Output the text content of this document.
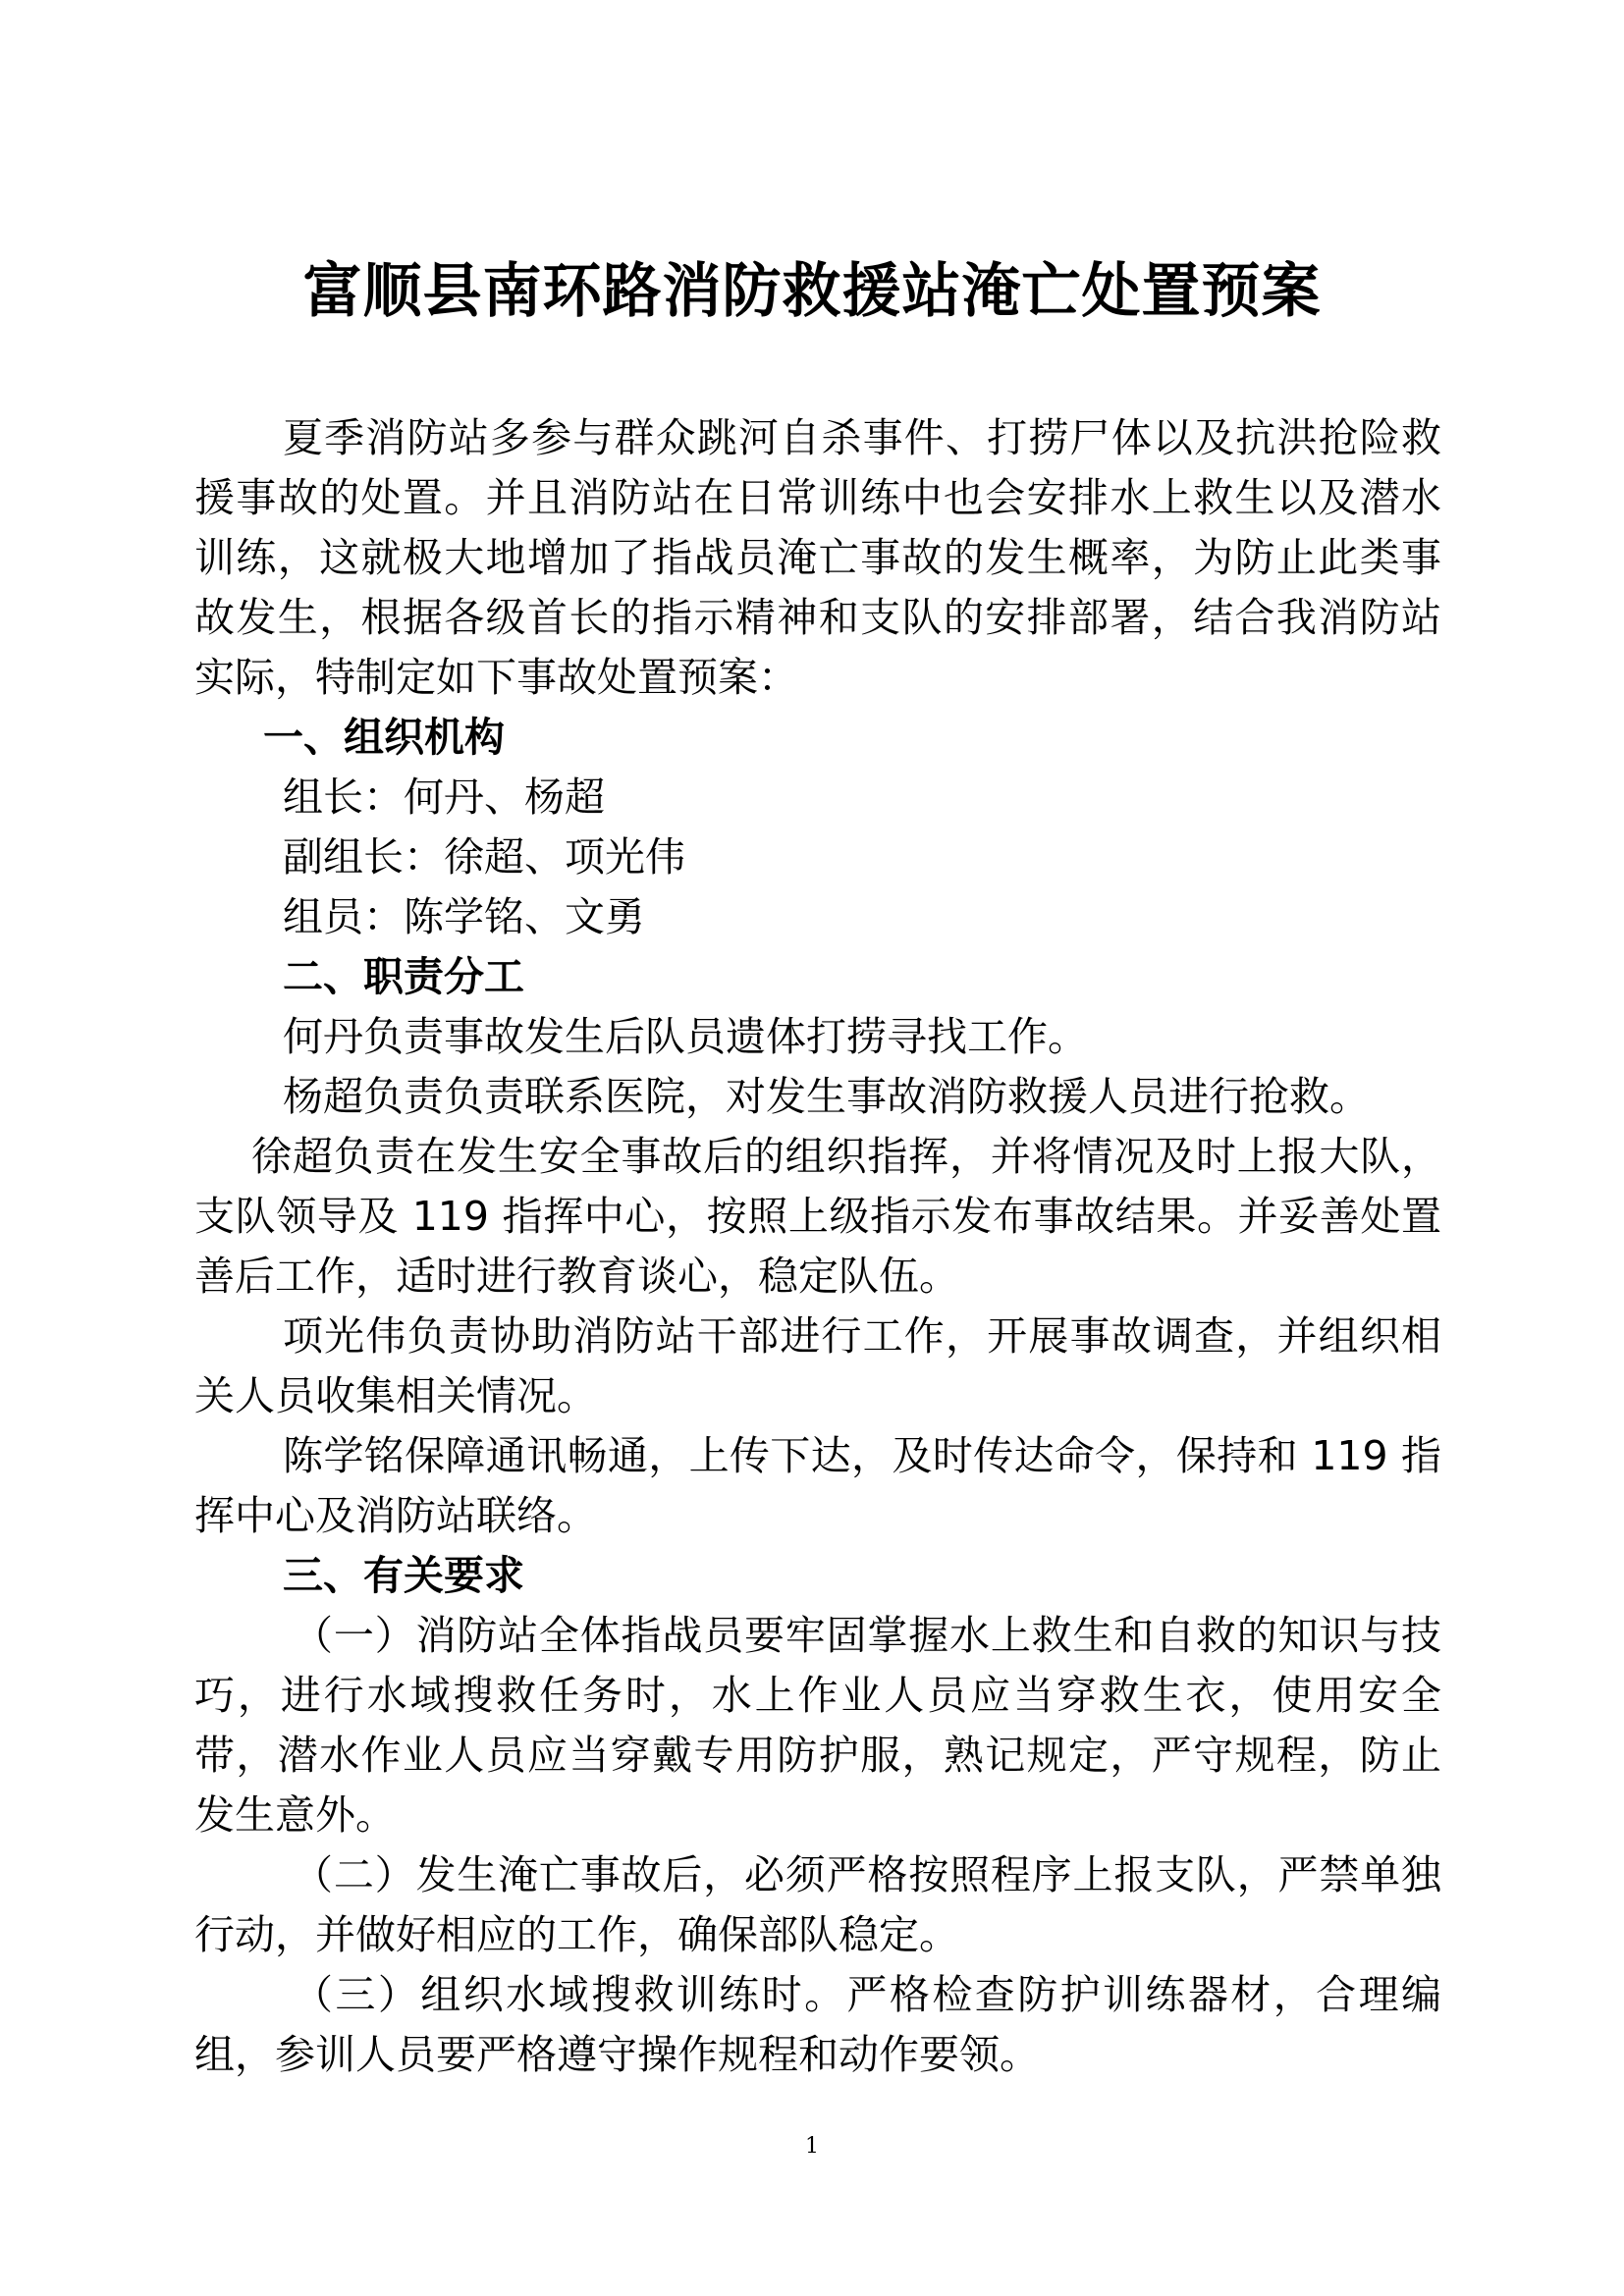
富顺县南环路消防救援站淹亡处置预案

夏季消防站多参与群众跳河自杀事件、打捞尸体以及抗洪抢险救援事故的处置。并且消防站在日常训练中也会安排水上救生以及潜水训练，这就极大地增加了指战员淹亡事故的发生概率，为防止此类事故发生，根据各级首长的指示精神和支队的安排部署，结合我消防站实际，特制定如下事故处置预案：

一、组织机构

组长：何丹、杨超

副组长：徐超、项光伟

组员：陈学铭、文勇

二、职责分工

何丹负责事故发生后队员遗体打捞寻找工作。

杨超负责负责联系医院，对发生事故消防救援人员进行抢救。

徐超负责在发生安全事故后的组织指挥，并将情况及时上报大队，支队领导及 119 指挥中心，按照上级指示发布事故结果。并妥善处置善后工作，适时进行教育谈心，稳定队伍。

项光伟负责协助消防站干部进行工作，开展事故调查，并组织相关人员收集相关情况。

陈学铭保障通讯畅通，上传下达，及时传达命令，保持和 119 指挥中心及消防站联络。

三、有关要求

（一）消防站全体指战员要牢固掌握水上救生和自救的知识与技巧，进行水域搜救任务时，水上作业人员应当穿救生衣，使用安全带，潜水作业人员应当穿戴专用防护服，熟记规定，严守规程，防止发生意外。

（二）发生淹亡事故后，必须严格按照程序上报支队，严禁单独行动，并做好相应的工作，确保部队稳定。

（三）组织水域搜救训练时。严格检查防护训练器材，合理编组，参训人员要严格遵守操作规程和动作要领。

1
